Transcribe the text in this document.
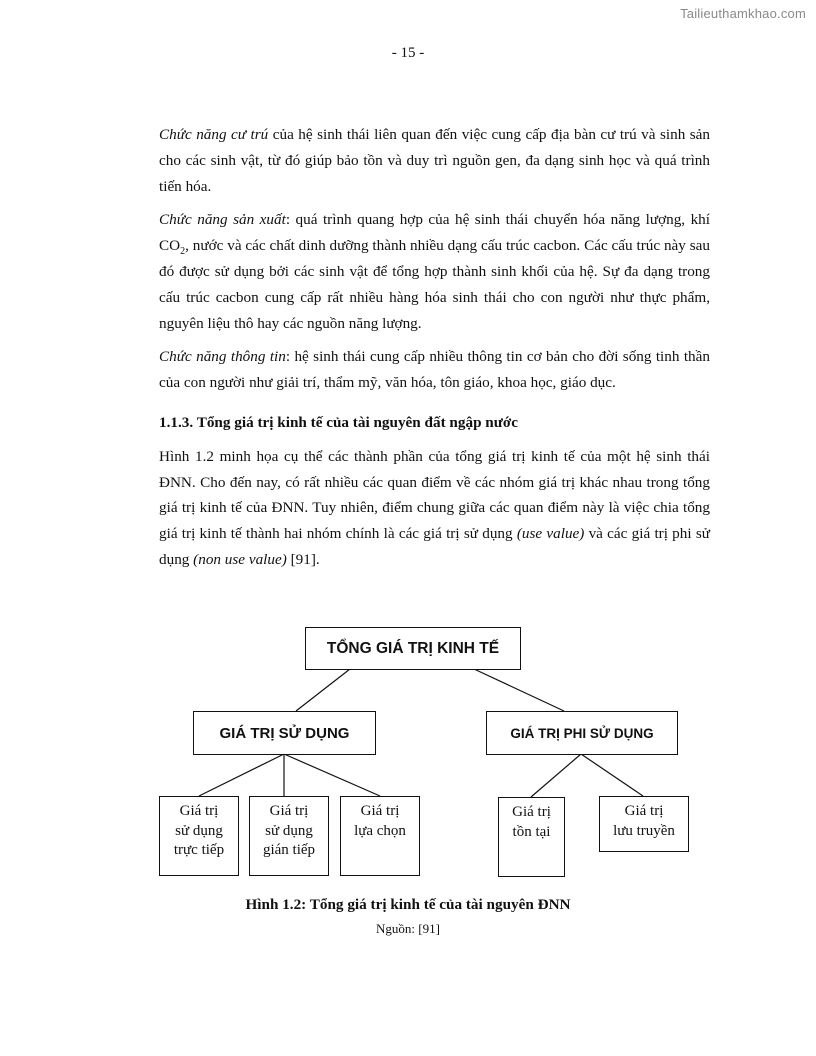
Tailieuthamkhao.com
- 15 -

Chức năng cư trú của hệ sinh thái liên quan đến việc cung cấp địa bàn cư trú và sinh sản cho các sinh vật, từ đó giúp bảo tồn và duy trì nguồn gen, đa dạng sinh học và quá trình tiến hóa.

Chức năng sản xuất: quá trình quang hợp của hệ sinh thái chuyển hóa năng lượng, khí $CO_2$, nước và các chất dinh dưỡng thành nhiều dạng cấu trúc cacbon. Các cấu trúc này sau đó được sử dụng bởi các sinh vật để tổng hợp thành sinh khối của hệ. Sự đa dạng trong cấu trúc cacbon cung cấp rất nhiều hàng hóa sinh thái cho con người như thực phẩm, nguyên liệu thô hay các nguồn năng lượng.

Chức năng thông tin: hệ sinh thái cung cấp nhiều thông tin cơ bản cho đời sống tinh thần của con người như giải trí, thẩm mỹ, văn hóa, tôn giáo, khoa học, giáo dục.

1.1.3. Tổng giá trị kinh tế của tài nguyên đất ngập nước

Hình 1.2 minh họa cụ thể các thành phần của tổng giá trị kinh tế của một hệ sinh thái ĐNN. Cho đến nay, có rất nhiều các quan điểm về các nhóm giá trị khác nhau trong tổng giá trị kinh tế của ĐNN. Tuy nhiên, điểm chung giữa các quan điểm này là việc chia tổng giá trị kinh tế thành hai nhóm chính là các giá trị sử dụng (use value) và các giá trị phi sử dụng (non use value) [91].

TỔNG GIÁ TRỊ KINH TẾ
GIÁ TRỊ SỬ DỤNG	GIÁ TRỊ PHI SỬ DỤNG
Giá trị
sử dụng
trực tiếp
Giá trị
sử dụng
gián tiếp
Giá trị
lựa chọn
Giá trị
tồn tại
Giá trị
lưu truyền
Hình 1.2: Tổng giá trị kinh tế của tài nguyên ĐNN
Nguồn: [91]
